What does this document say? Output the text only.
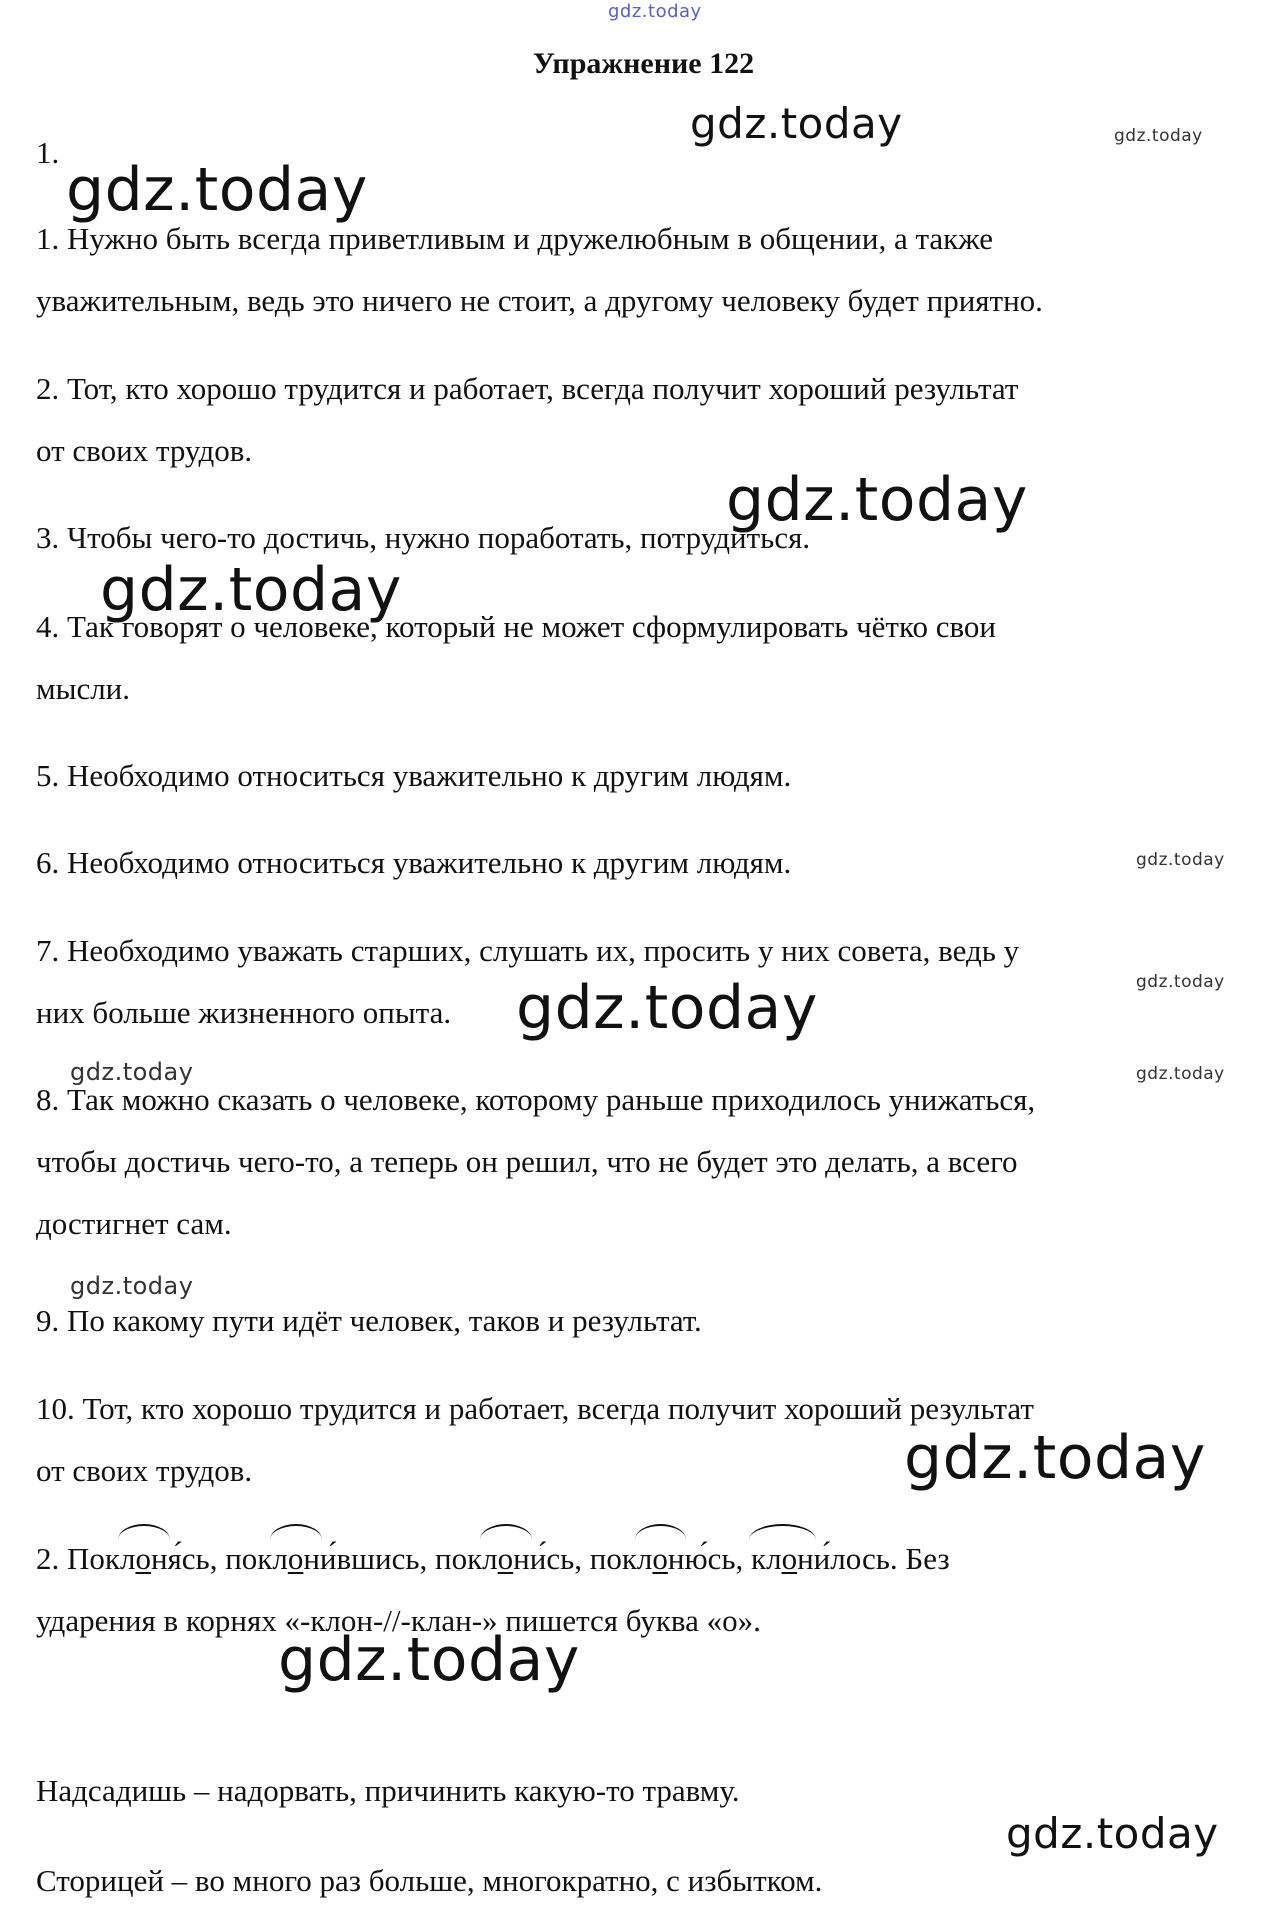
gdz.today
gdz.today	gdz.today
gdz.today
gdz.today
gdz.today
gdz.today
gdz.today
gdz.today
gdz.today	gdz.today
gdz.today
gdz.today
gdz.today
gdz.today
Упражнение 122
1.
1. Нужно быть всегда приветливым и дружелюбным в общении, а также
уважительным, ведь это ничего не стоит, а другому человеку будет приятно.
2. Тот, кто хорошо трудится и работает, всегда получит хороший результат
от своих трудов.
3. Чтобы чего-то достичь, нужно поработать, потрудиться.
4. Так говорят о человеке, который не может сформулировать чётко свои
мысли.
5. Необходимо относиться уважительно к другим людям.
6. Необходимо относиться уважительно к другим людям.
7. Необходимо уважать старших, слушать их, просить у них совета, ведь у
них больше жизненного опыта.
8. Так можно сказать о человеке, которому раньше приходилось унижаться,
чтобы достичь чего-то, а теперь он решил, что не будет это делать, а всего
достигнет сам.
9. По какому пути идёт человек, таков и результат.
10. Тот, кто хорошо трудится и работает, всегда получит хороший результат
от своих трудов.
2. Пок
лоня́сь, пок
лони́вшись, пок
лони́сь, пок
лоню́сь,
клони́лось. Без
ударения в корнях «-клон-//-клан-» пишется буква «о».
Надсадишь – надорвать, причинить какую-то травму.
Сторицей – во много раз больше, многократно, с избытком.
